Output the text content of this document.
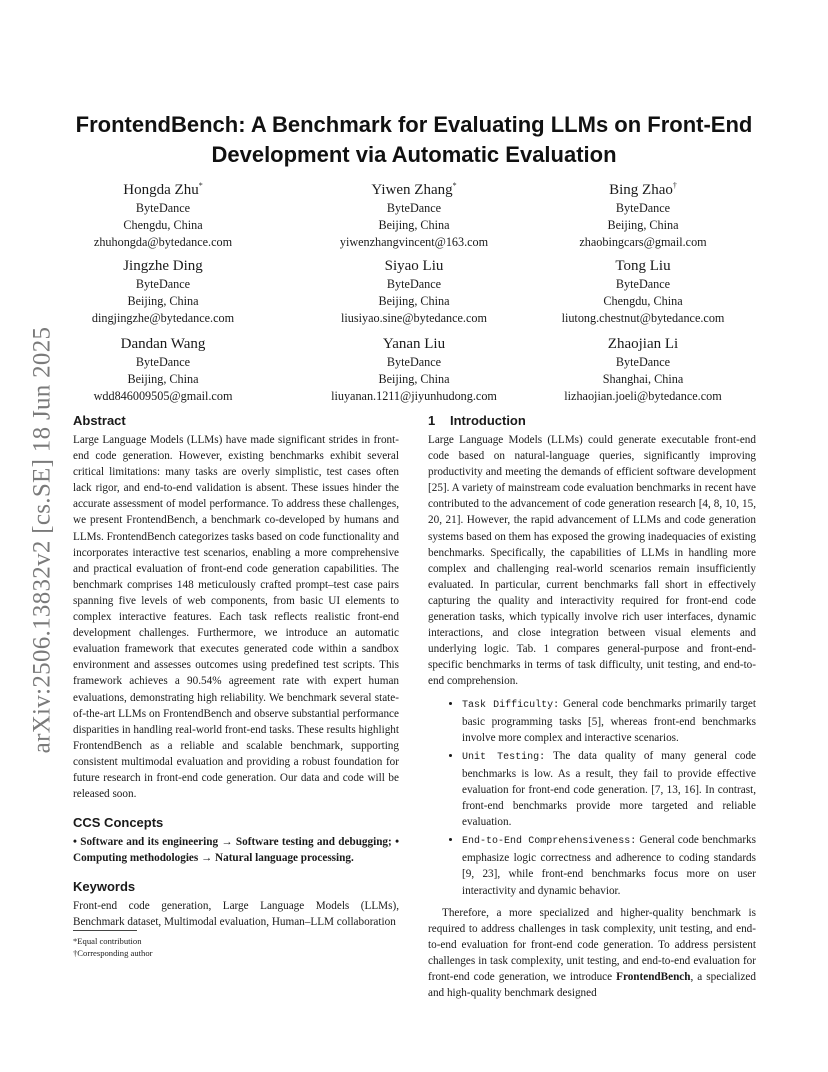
arXiv:2506.13832v2 [cs.SE] 18 Jun 2025
FrontendBench: A Benchmark for Evaluating LLMs on Front-End Development via Automatic Evaluation
Hongda Zhu*
ByteDance
Chengdu, China
zhuhongda@bytedance.com
Yiwen Zhang*
ByteDance
Beijing, China
yiwenzhangvincent@163.com
Bing Zhao†
ByteDance
Beijing, China
zhaobingcars@gmail.com
Jingzhe Ding
ByteDance
Beijing, China
dingjingzhe@bytedance.com
Siyao Liu
ByteDance
Beijing, China
liusiyao.sine@bytedance.com
Tong Liu
ByteDance
Chengdu, China
liutong.chestnut@bytedance.com
Dandan Wang
ByteDance
Beijing, China
wdd846009505@gmail.com
Yanan Liu
ByteDance
Beijing, China
liuyanan.1211@jiyunhudong.com
Zhaojian Li
ByteDance
Shanghai, China
lizhaojian.joeli@bytedance.com
Abstract

Large Language Models (LLMs) have made significant strides in front-end code generation. However, existing benchmarks exhibit several critical limitations: many tasks are overly simplistic, test cases often lack rigor, and end-to-end validation is absent. These issues hinder the accurate assessment of model performance. To address these challenges, we present FrontendBench, a benchmark co-developed by humans and LLMs. FrontendBench categorizes tasks based on code functionality and incorporates interactive test scenarios, enabling a more comprehensive and practical evaluation of front-end code generation capabilities. The benchmark comprises 148 meticulously crafted prompt–test case pairs spanning five levels of web components, from basic UI elements to complex interactive features. Each task reflects realistic front-end development challenges. Furthermore, we introduce an automatic evaluation framework that executes generated code within a sandbox environment and assesses outcomes using predefined test scripts. This framework achieves a 90.54% agreement rate with expert human evaluations, demonstrating high reliability. We benchmark several state-of-the-art LLMs on FrontendBench and observe substantial performance disparities in handling real-world front-end tasks. These results highlight FrontendBench as a reliable and scalable benchmark, supporting consistent multimodal evaluation and providing a robust foundation for future research in front-end code generation. Our data and code will be released soon.

CCS Concepts

• Software and its engineering → Software testing and debugging; • Computing methodologies → Natural language processing.

Keywords

Front-end code generation, Large Language Models (LLMs), Benchmark dataset, Multimodal evaluation, Human–LLM collaboration

*Equal contribution
†Corresponding author
1 Introduction

Large Language Models (LLMs) could generate executable front-end code based on natural-language queries, significantly improving productivity and meeting the demands of efficient software development [25]. A variety of mainstream code evaluation benchmarks in recent have contributed to the advancement of code generation research [4, 8, 10, 15, 20, 21]. However, the rapid advancement of LLMs and code generation systems based on them has exposed the growing inadequacies of existing benchmarks. Specifically, the capabilities of LLMs in handling more complex and challenging real-world scenarios remain insufficiently evaluated. In particular, current benchmarks fall short in effectively capturing the quality and interactivity required for front-end code generation tasks, which typically involve rich user interfaces, dynamic interactions, and close integration between visual elements and underlying logic. Tab. 1 compares general-purpose and front-end-specific benchmarks in terms of task difficulty, unit testing, and end-to-end comprehension.

• Task Difficulty: General code benchmarks primarily target basic programming tasks [5], whereas front-end benchmarks involve more complex and interactive scenarios.
• Unit Testing: The data quality of many general code benchmarks is low. As a result, they fail to provide effective evaluation for front-end code generation. [7, 13, 16]. In contrast, front-end benchmarks provide more targeted and reliable evaluation.
• End-to-End Comprehensiveness: General code benchmarks emphasize logic correctness and adherence to coding standards [9, 23], while front-end benchmarks focus more on user interactivity and dynamic behavior.

Therefore, a more specialized and higher-quality benchmark is required to address challenges in task complexity, unit testing, and end-to-end evaluation for front-end code generation. To address persistent challenges in task complexity, unit testing, and end-to-end evaluation for front-end code generation, we introduce FrontendBench, a specialized and high-quality benchmark designed
